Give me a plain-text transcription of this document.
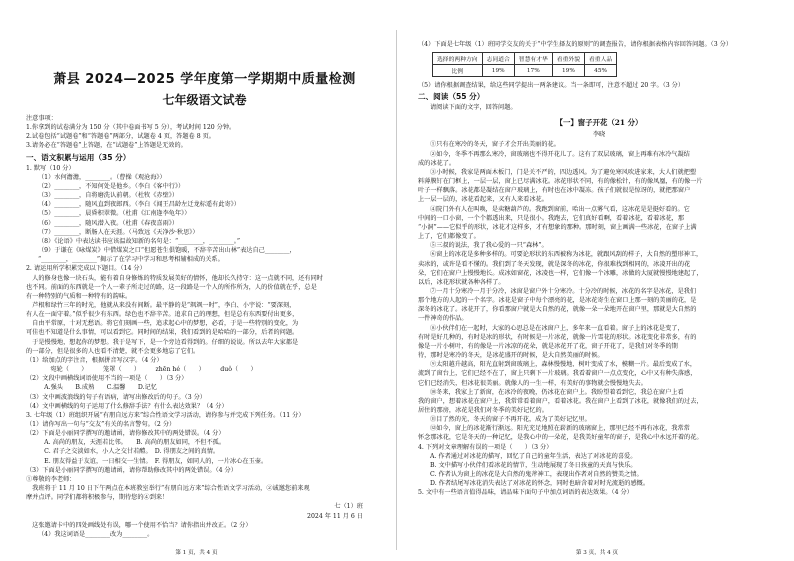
萧县 2024—2025 学年度第一学期期中质量检测
七年级语文试卷
注意事项：
1.你拿到的试卷满分为 150 分（其中卷面书写 5 分），考试时间 120 分钟。
2.试卷包括“试题卷”和“答题卷”两部分，试题卷 4 页，答题卷 8 页。
3.请务必在“答题卷”上答题，在“试题卷”上答题是无效的。
一、语文积累与运用（35 分）
1. 默写（10 分）
（1）水何澹澹，________。（曹操《观沧海》）
（2）________，不知何处是他乡。（李白《客中行》）
（3）________，自将磨洗认前朝。（杜牧《赤壁》）
（4）________，随风直到夜郎西。（李白《闻王昌龄左迁龙标遥有此寄》）
（5）________，晨昏积翠微。（杜甫《江南逢李龟年》）
（6）________，随风潜入夜。（杜甫《春夜喜雨》）
（7）________，断肠人在天涯。（马致远《天净沙·秋思》）
（8）《论语》中表达读书应该温故知新的名句是：“________，________。”
（9）于谦在《咏煤炭》中借煤炭之口“但愿苍生俱饱暖，不辞辛苦出山林”表达自己________，
“________，________”揭示了在学习中学习和思考相辅相成的关系。
2. 请运用所学积累完成以下题目。（14 分）
　人的修身也像一块石头，能有着自身修炼的特质发展美好的情怀，他却长久持守：这一点就不同，还有同时
也不同。前面的东西就是一个人一辈子所走过的路，这一段路是一个人的所作所为，人的价值就在乎，总是
有一种特别的气质和一种特有的韵味。
　芦根和绿竹三年的时光，他就从来没有间断。最平静的是“飒飒一时”，李白、小宇说：“要深刻，
有人在一面守着。”似乎很少有东西。绿色也不辞辛苦。追求自己的理想，但是总有东西要付出更多，
　自由平常原，十对无愁语。将它们刻画一些，追求起心中的梦想，必看，于是一些特别的变化，为
可佳也不知道是什么事情，可以看到它。同时间的结果，我们看到的是哈哈的一部分，后者的问题。
　于是慢慢地，想起你的梦想。我于是写下，是一个旁边看得到的。仔细的说说。所以去年大家都是
的一部分，但是很多的人也看不清楚，就不会更多地忘了它们。
（1）给加点的字注音，根据拼音写汉字。（4 分）
　　宛轮（　　）　　　笼罩（　　）　　　zhēn hé（　　）　　　duǒ（　　）
（2）文段中画横线词语使用不当的一项是（　　）（3 分）
　A.强头　　B.成熟　　C.温馨　　D.记忆
（3）文中画波浪线的句子有语病，请写出修改后的句子。（3 分）
（4）文中画横线的句子运用了什么修辞手法？有什么表达效果？（4 分）
3. 七年级（1）班组织开展“有朋自远方来”综合性语文学习活动，请你参与并完成下列任务。（11 分）
（1）请你写出一句与“交友”有关的名言警句。（2 分）
（2）下面是小丽同学撰写的邀请函，请你修改其中的两处错误。（4 分）
　A. 高尚的朋友，天涯若比邻。　　B. 高尚的朋友如同，不但不孤。
　C. 君子之交淡如水，小人之交甘若醴。　D. 得朋友之间的真情。
　E. 朋友得益于友谊，一日相交一生情。　F. 得朋友，如同人的，一片冰心在玉壶。
（3）下面是小丽同学撰写的邀请函，请你帮助修改其中的两处错误。（4 分）
①尊敬的李老师：
　我班将于 11 月 10 日下午两点在本班教室举行“有朋自远方来”综合性语文学习活动，②诚邀您前来观
摩并点评。同学们都将积极参与，期待您的④到来！
七（1）班
2024 年 11 月 6 日
　这张邀请卡中的四处画线处有误，哪一个使用不恰当？请你指出并改正。（2 分）
（4）我这词语是________改为________。
第 1 页，共 4 页
（4）下面是七年级（1）班同学交友的关于“中学生择友的原则”的调查报告，请你根据表格内容回答问题。（3 分）
选择的两种方向	志同道合	智慧有才华	看重外貌	看重人品
比例	19%	17%	19%	45%
（5）请你根据调查结果，给这些同学提出一两条建议。当一条即可，注意不超过 20 字。（3 分）
二、阅读（55 分）
请阅读下面的文字，回答问题。
【一】窗子开花（21 分）
李晓
①只有在寒冷的冬天，窗子才会开出美丽的花。
②如今，冬季不再那么寒冷，窗玻璃也不得开花儿了。这有了双层玻璃，窗上再难有冰冷气凝结
成的冰花了。
③小时候，我家是两面木板门，门是关不严的，四边透风。为了避免寒风吹进家来，大人们就把塑
料薄膜钉在门框上，一层一层，窗上已尽满冰花。冰花形状不同，有的像松针，有的像凤凰，有的像一片
叶子一样飘落。冰花都是凝结在窗户玻璃上，有时也在冰中凝冻。孩子们就很是惊讶的，就把那窗户
上一层一层的，冰花看起来，又有人来看冰花。
④院门外有人在叫唤，是卖糖葫芦的。我跑到窗前，哈出一点雾气看，这冰花是是挺好看的。它
中间的一口小窗，一个个都透出来，只是很小。我跑去，它们真好看啊，看着冰花，看着冰花，那
“小洞”——它似乎的形状，冰花才这样多，才有想象的那种。那时刻，窗上画满一些冰花，在窗子上满
上了，它们都像变了。
⑤三叔的说法，我了我心爱的一只“森林”。
⑥窗上的冰花是多种多样的。可要论形状的东西被称为冰花，就跟风刮的样子，大自然的塑形神工，
卖冰的，或许是看不懂的。我们到了冬天发现，就是深冬的冰花，你很难找到相同的，冰凌开出的花
朵，它们在窗户上慢慢地长。成冰如窗花，冰凌也一样，它们像一个冰雕，冰做的大厦就慢慢地建起了，
以后，冰花形状就各种各样了。
⑦一月十分寒冷一月于分冷，冰窗是窗户外十分寒冷。十分冷的时候，冰花的名字是冰花，是我们
那个地方的人起的一个名字。冰花是窗子中每个漂亮的花，是冰花寄生在窗口上那一刻的美丽的花，是
深冬的冰花了。冰花开了，你看那窗户就是大自然的花，就像一朵一朵地开在窗户里，那就是大自然的
一件神奇的作品。
⑧小伙伴们在一起时，大家的心思总是在冰窗户上，多年来一直看着。窗子上的冰花是变了，
有时是好几种的，有时是冰的形状，有时候是一片冰花，就像一片雪花的形状。冰花变化非常多，有的
像是一片小树叶，有的像是一片冰凉的花朵，就是冰花开了花，窗子开花了，是我们对冬季的期
待，那时是寒冷的冬天，是冰花盛开的时候，是大自然美丽的时候。
⑨太阳越升越高，阳光直射到窗玻璃上，森林慢慢地、树叶变成了水，模糊一片。最后变成了水，
流到了窗台上，它们已经不在了，窗上只剩下一片玻璃。我看着窗户一点点变化，心中又有种失落感，
它们已经消失，但冰花很美丽。就像人的一生一样，有美好的事物就会慢慢地失去。
⑩冬来，我家上了新窗，在冰冷的夜晚，仍冰花在窗户上。我盼望着看到它，我总在窗户上看
我的窗户，想着冰花在窗户上，我常常看着窗户，看着冰花。我在窗户上看到了冰花，就像我们的过去，
居住的那房，冰花是我们对冬季的美好记忆的。
⑪目了然的光，冬天的窗子不再开花，成为了美好记忆里。
⑫如今，窗上的冰花渐行渐远。阳光充足地照在崭新的玻璃窗上，那里已经不再有冰花，我常常
怀念那冰花，它是冬天的一种记忆，是我心中的一朵花，是我美好童年的窗子，是我心中永远开着的花。
4. 下列对文章理解有误的一项是（　　）（3 分）
A. 作者通过对冰花的描写，回忆了自己的童年生活，表达了对冰花的喜爱。
B. 文中描写小伙伴们看冰花的情节，生动地展现了冬日孩童的天真与快乐。
C. 作者认为窗上的冰花是大自然的鬼斧神工，表现出作者对自然的赞美之情。
D. 作者结尾写冰花消失表达了对冰花的怀念，同时也暗含着对时光流逝的感慨。
5. 文中有一些语言值得品味，请品味下面句子中加点词语的表达效果。（4 分）
第 3 页，共 4 页
